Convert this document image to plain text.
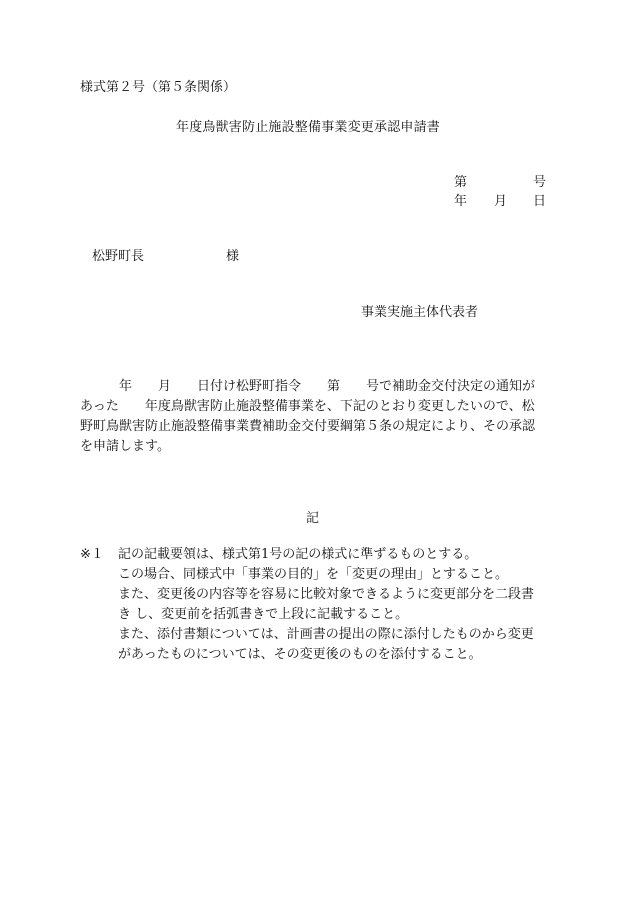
様式第２号（第５条関係）
年度鳥獣害防止施設整備事業変更承認申請書

第

	号

年

月

日

松野町長	様
事業実施主体代表者
　　　年　　月　　日付け松野町指令　　第　　号で補助金交付決定の通知が
あった　　年度鳥獣害防止施設整備事業を、下記のとおり変更したいので、松
野町鳥獣害防止施設整備事業費補助金交付要綱第５条の規定により、その承認
を申請します。
記
※１ 記の記載要領は、様式第1号の記の様式に準ずるものとする。
この場合、同様式中「事業の目的」を「変更の理由」とすること。
また、変更後の内容等を容易に比較対象できるように変更部分を二段書
き し、変更前を括弧書きで上段に記載すること。
また、添付書類については、計画書の提出の際に添付したものから変更
があったものについては、その変更後のものを添付すること。
